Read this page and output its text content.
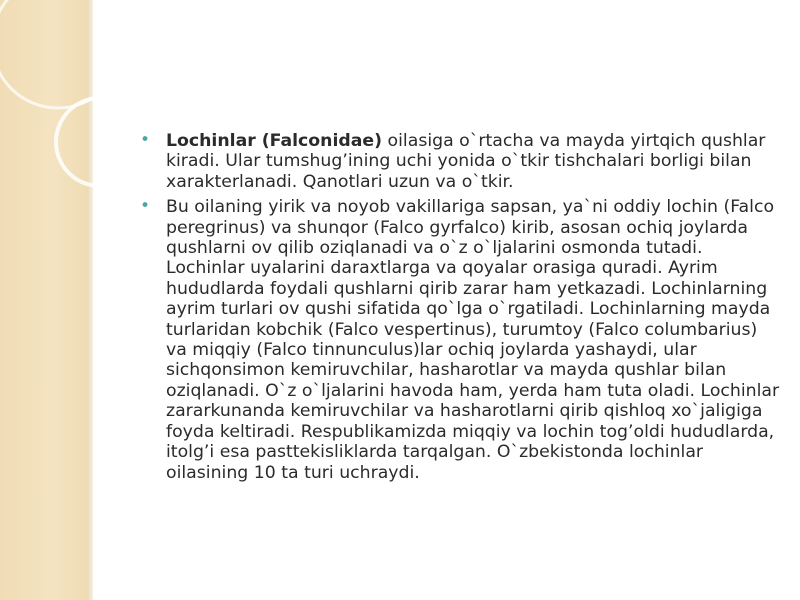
• Lochinlar (Falconidae) oilasiga o`rtacha va mayda yirtqich qushlar kiradi. Ular tumshug’ining uchi yonida o`tkir tishchalari borligi bilan xarakterlanadi. Qanotlari uzun va o`tkir.

• Bu oilaning yirik va noyob vakillariga sapsan, ya`ni oddiy lochin (Falco peregrinus) va shunqor (Falco gyrfalco) kirib, asosan ochiq joylarda qushlarni ov qilib oziqlanadi va o`z o`ljalarini osmonda tutadi. Lochinlar uyalarini daraxtlarga va qoyalar orasiga quradi. Ayrim hududlarda foydali qushlarni qirib zarar ham yetkazadi. Lochinlarning ayrim turlari ov qushi sifatida qo`lga o`rgatiladi. Lochinlarning mayda turlaridan kobchik (Falco vespertinus), turumtoy (Falco columbarius) va miqqiy (Falco tinnunculus)lar ochiq joylarda yashaydi, ular sichqonsimon kemiruvchilar, hasharotlar va mayda qushlar bilan oziqlanadi. O`z o`ljalarini havoda ham, yerda ham tuta oladi. Lochinlar zararkunanda kemiruvchilar va hasharotlarni qirib qishloq xo`jaligiga foyda keltiradi. Respublikamizda miqqiy va lochin tog’oldi hududlarda, itolg’i esa pasttekisliklarda tarqalgan. O`zbekistonda lochinlar oilasining 10 ta turi uchraydi.
